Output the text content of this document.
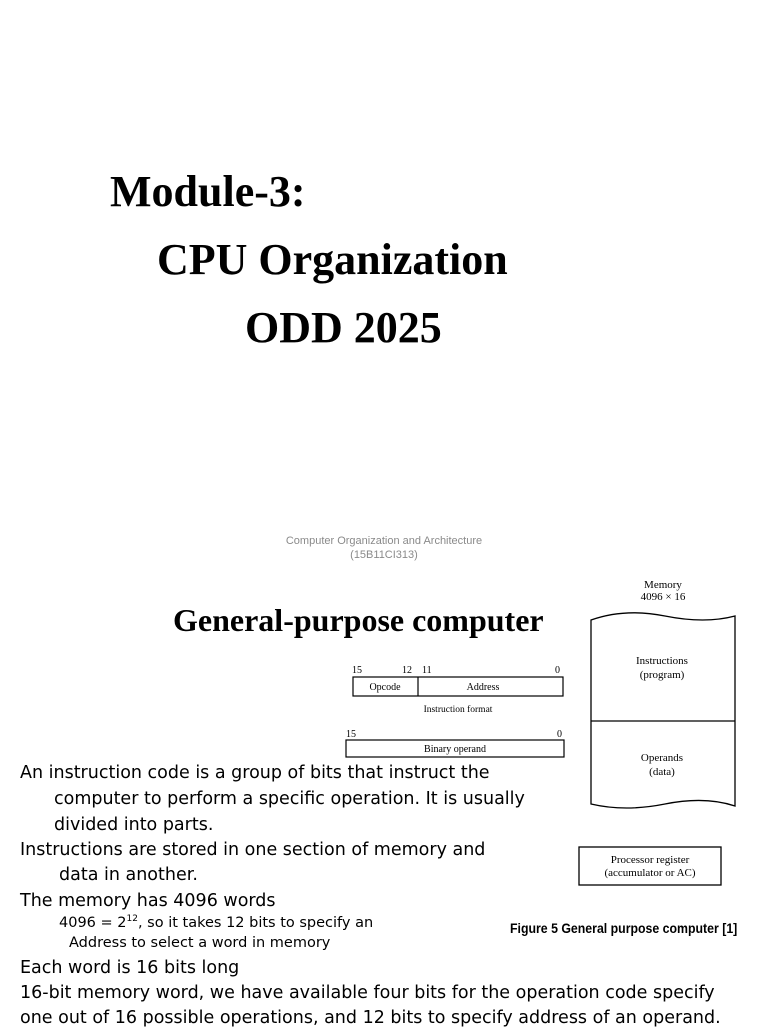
Module-3:
CPU Organization
ODD 2025
Computer Organization and Architecture
(15B11CI313)
General-purpose computer
15	12 11	0
Opcode	Address
Instruction format
15	0
Binary operand
Memory
4096 × 16
Instructions
(program)
Operands
(data)
Processor register
(accumulator or AC)
Figure 5 General purpose computer [1]
An instruction code is a group of bits that instruct the
computer to perform a specific operation. It is usually
divided into parts.
Instructions are stored in one section of memory and
data in another.
The memory has 4096 words
$4096 = 2^{12}$, so it takes 12 bits to specify an
Address to select a word in memory
Each word is 16 bits long
16-bit memory word, we have available four bits for the operation code specify
one out of 16 possible operations, and 12 bits to specify address of an operand.
